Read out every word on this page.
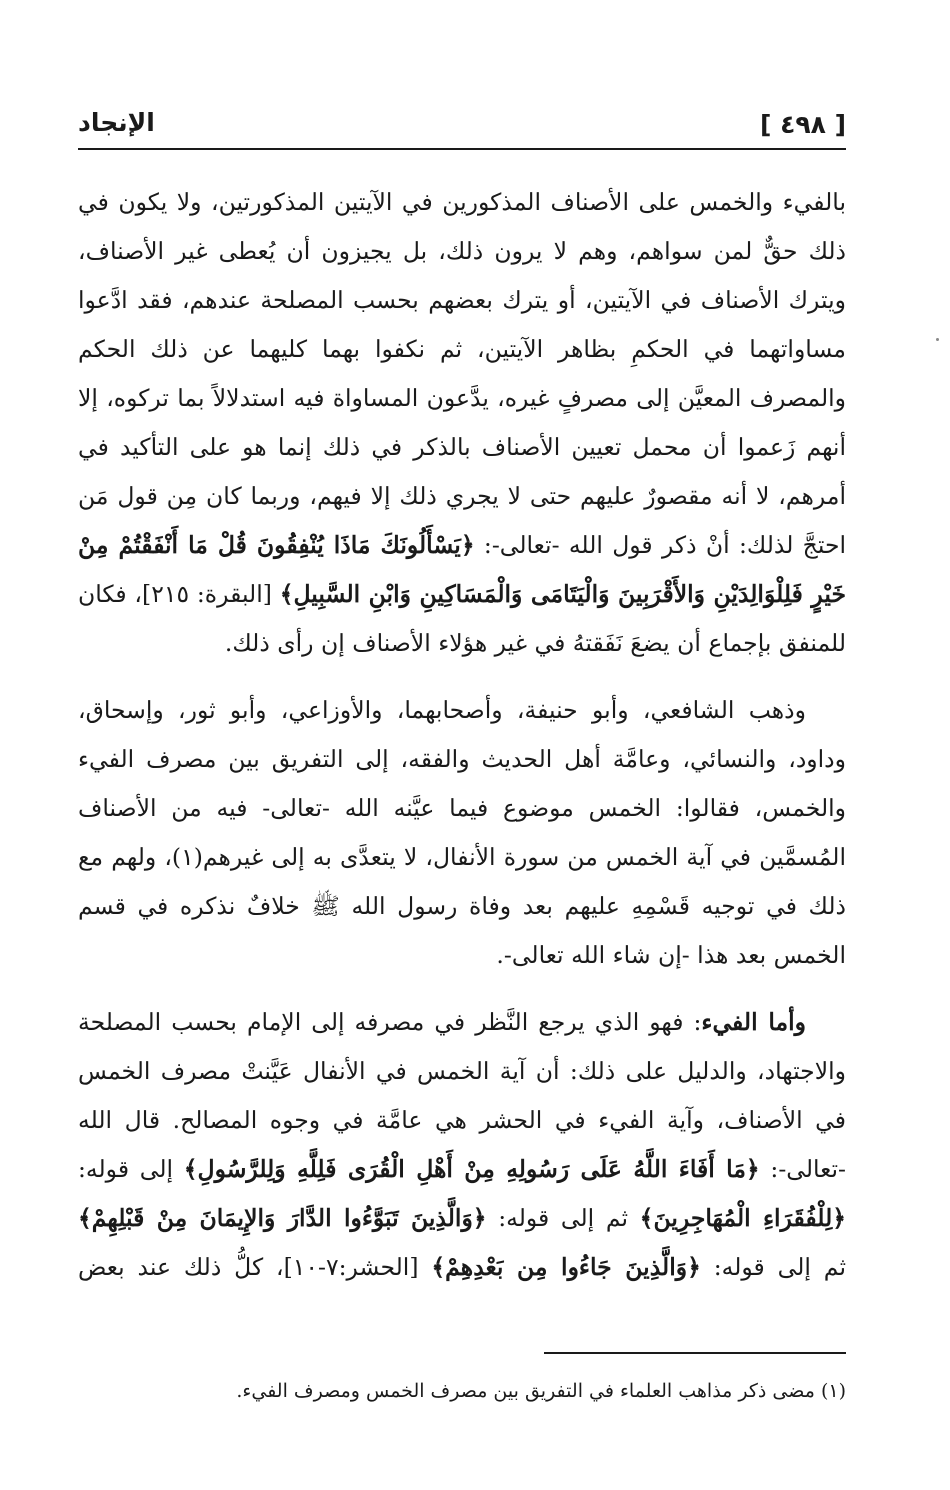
[ ٤٩٨ ]
الإنجاد
بالفيء والخمس على الأصناف المذكورين في الآيتين المذكورتين، ولا يكون في
ذلك حقٌّ لمن سواهم، وهم لا يرون ذلك، بل يجيزون أن يُعطى غير الأصناف،
ويترك الأصناف في الآيتين، أو يترك بعضهم بحسب المصلحة عندهم، فقد ادَّعوا
مساواتهما في الحكمِ بظاهر الآيتين، ثم نكفوا بهما كليهما عن ذلك الحكم
والمصرف المعيَّن إلى مصرفٍ غيره، يدَّعون المساواة فيه استدلالاً بما تركوه، إلا
أنهم زَعموا أن محمل تعيين الأصناف بالذكر في ذلك إنما هو على التأكيد في
أمرهم، لا أنه مقصورٌ عليهم حتى لا يجري ذلك إلا فيهم، وربما كان مِن قول مَن
احتجَّ لذلك: أنْ ذكر قول الله -تعالى-: ﴿يَسْأَلُونَكَ مَاذَا يُنْفِقُونَ قُلْ مَا أَنْفَقْتُمْ مِنْ
خَيْرٍ فَلِلْوَالِدَيْنِ وَالأَقْرَبِينَ وَالْيَتَامَى وَالْمَسَاكِينِ وَابْنِ السَّبِيلِ﴾ [البقرة: ٢١٥]، فكان
للمنفق بإجماع أن يضعَ نَفَقتهُ في غير هؤلاء الأصناف إن رأى ذلك.
وذهب الشافعي، وأبو حنيفة، وأصحابهما، والأوزاعي، وأبو ثور، وإسحاق،
وداود، والنسائي، وعامَّة أهل الحديث والفقه، إلى التفريق بين مصرف الفيء
والخمس، فقالوا: الخمس موضوع فيما عيَّنه الله -تعالى- فيه من الأصناف
المُسمَّين في آية الخمس من سورة الأنفال، لا يتعدَّى به إلى غيرهم(١)، ولهم مع
ذلك في توجيه قَسْمِهِ عليهم بعد وفاة رسول الله ﷺ خلافٌ نذكره في قسم
الخمس بعد هذا -إن شاء الله تعالى-.
وأما الفيء: فهو الذي يرجع النَّظر في مصرفه إلى الإمام بحسب المصلحة
والاجتهاد، والدليل على ذلك: أن آية الخمس في الأنفال عَيَّنتْ مصرف الخمس
في الأصناف، وآية الفيء في الحشر هي عامَّة في وجوه المصالح. قال الله
-تعالى-: ﴿مَا أَفَاءَ اللَّهُ عَلَى رَسُولِهِ مِنْ أَهْلِ الْقُرَى فَلِلَّهِ وَلِلرَّسُولِ﴾ إلى قوله:
﴿لِلْفُقَرَاءِ الْمُهَاجِرِينَ﴾ ثم إلى قوله: ﴿وَالَّذِينَ تَبَوَّءُوا الدَّارَ وَالإِيمَانَ مِنْ قَبْلِهِمْ﴾
ثم إلى قوله: ﴿وَالَّذِينَ جَاءُوا مِن بَعْدِهِمْ﴾ [الحشر:٧-١٠]، كلُّ ذلك عند بعض
(١) مضى ذكر مذاهب العلماء في التفريق بين مصرف الخمس ومصرف الفيء.
